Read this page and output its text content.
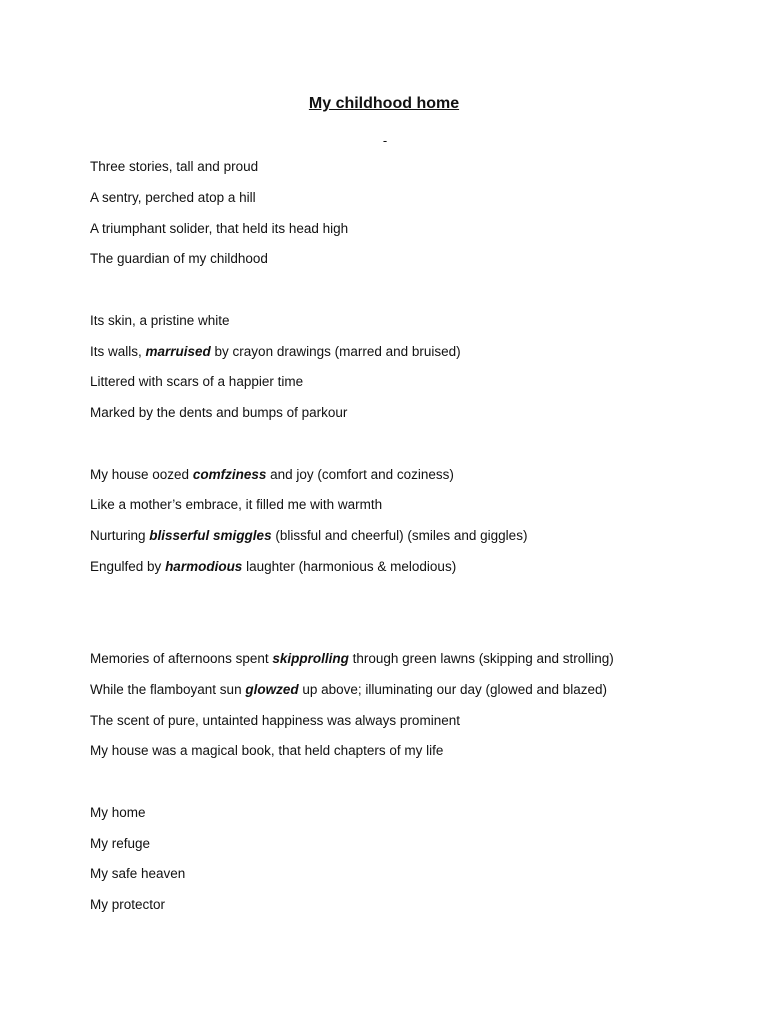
My childhood home
-
Three stories, tall and proud
A sentry, perched atop a hill
A triumphant solider, that held its head high
The guardian of my childhood
Its skin, a pristine white
Its walls, marruised by crayon drawings (marred and bruised)
Littered with scars of a happier time
Marked by the dents and bumps of parkour
My house oozed comfziness and joy (comfort and coziness)
Like a mother’s embrace, it filled me with warmth
Nurturing blisserful smiggles (blissful and cheerful) (smiles and giggles)
Engulfed by harmodious laughter (harmonious & melodious)
Memories of afternoons spent skipprolling through green lawns (skipping and strolling)
While the flamboyant sun glowzed up above; illuminating our day (glowed and blazed)
The scent of pure, untainted happiness was always prominent
My house was a magical book, that held chapters of my life
My home
My refuge
My safe heaven
My protector
